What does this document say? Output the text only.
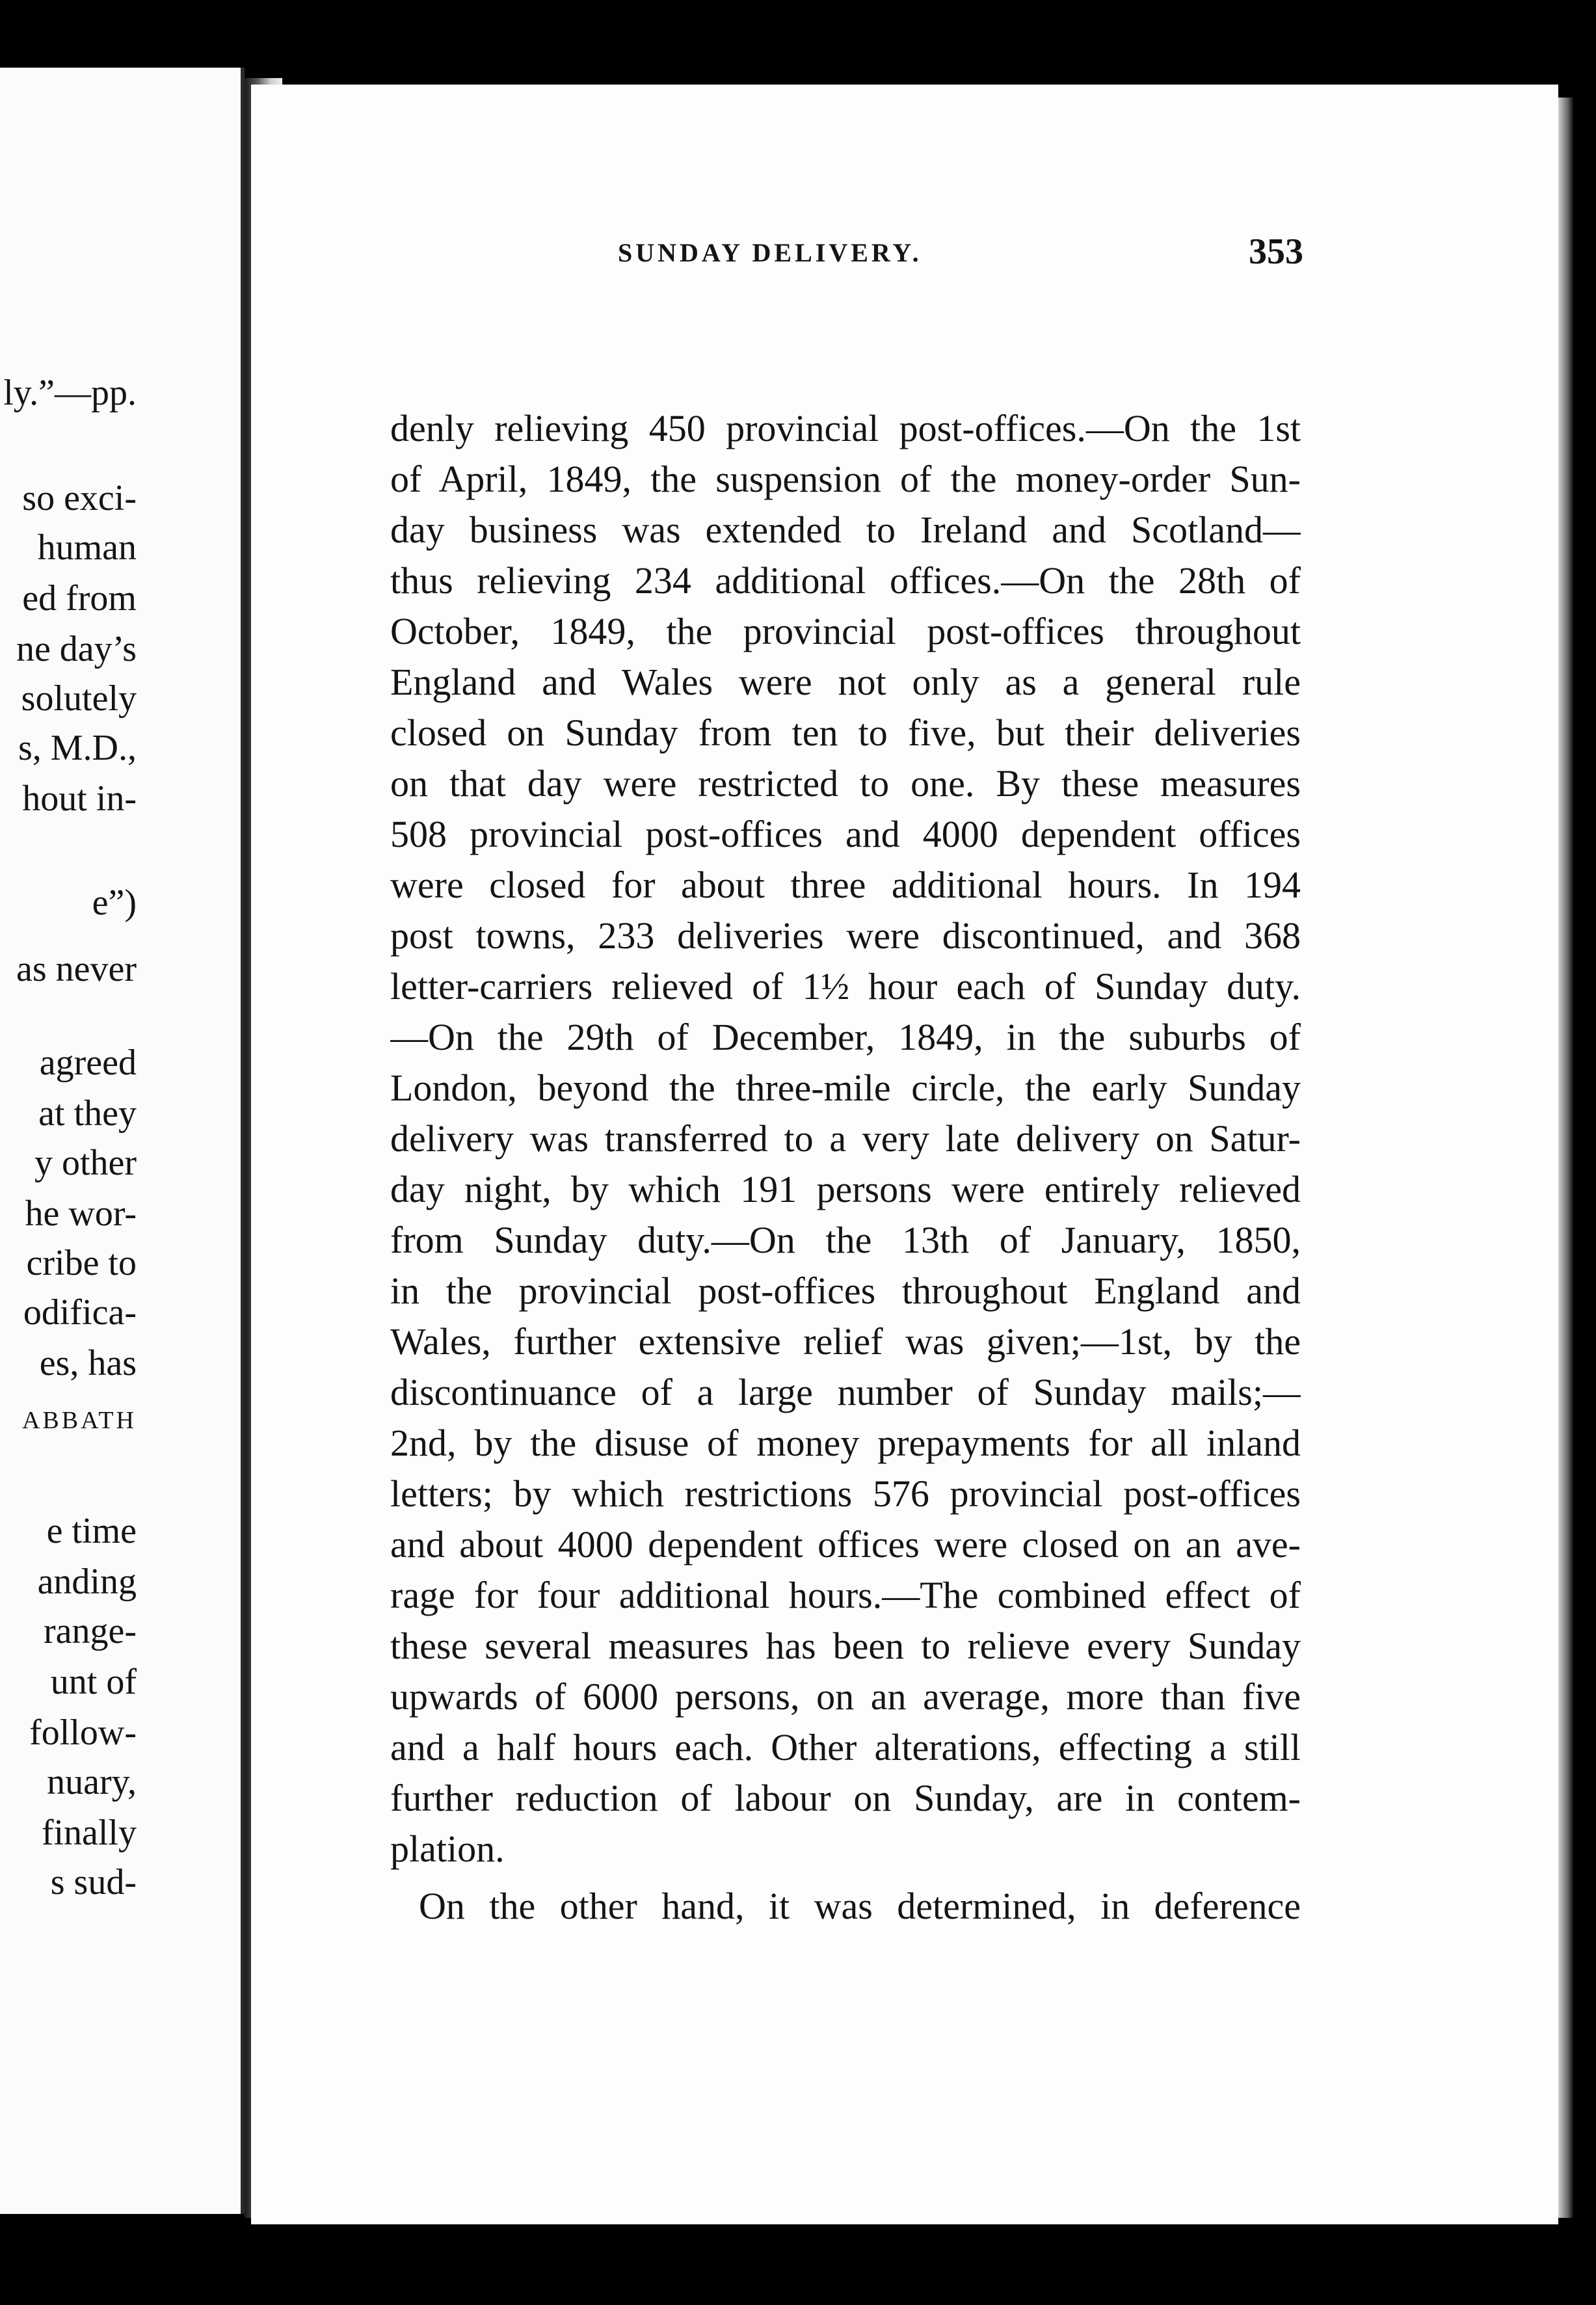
ly.”—pp.
so exci-
human
ed from
ne day’s
solutely
s, M.D.,
hout in-
e”)
as never
agreed
at they
y other
he wor-
cribe to
odifica-
es, has
ABBATH
e time
anding
range-
unt of
follow-
nuary,
finally
s sud-
SUNDAY DELIVERY.	353
denly relieving 450 provincial post-offices.—On the 1st
of April, 1849, the suspension of the money-order Sun-
day business was extended to Ireland and Scotland—
thus relieving 234 additional offices.—On the 28th of
October, 1849, the provincial post-offices throughout
England and Wales were not only as a general rule
closed on Sunday from ten to five, but their deliveries
on that day were restricted to one. By these measures
508 provincial post-offices and 4000 dependent offices
were closed for about three additional hours. In 194
post towns, 233 deliveries were discontinued, and 368
letter-carriers relieved of 1½ hour each of Sunday duty.
—On the 29th of December, 1849, in the suburbs of
London, beyond the three-mile circle, the early Sunday
delivery was transferred to a very late delivery on Satur-
day night, by which 191 persons were entirely relieved
from Sunday duty.—On the 13th of January, 1850,
in the provincial post-offices throughout England and
Wales, further extensive relief was given;—1st, by the
discontinuance of a large number of Sunday mails;—
2nd, by the disuse of money prepayments for all inland
letters; by which restrictions 576 provincial post-offices
and about 4000 dependent offices were closed on an ave-
rage for four additional hours.—The combined effect of
these several measures has been to relieve every Sunday
upwards of 6000 persons, on an average, more than five
and a half hours each. Other alterations, effecting a still
further reduction of labour on Sunday, are in contem-
plation.
On the other hand, it was determined, in deference
